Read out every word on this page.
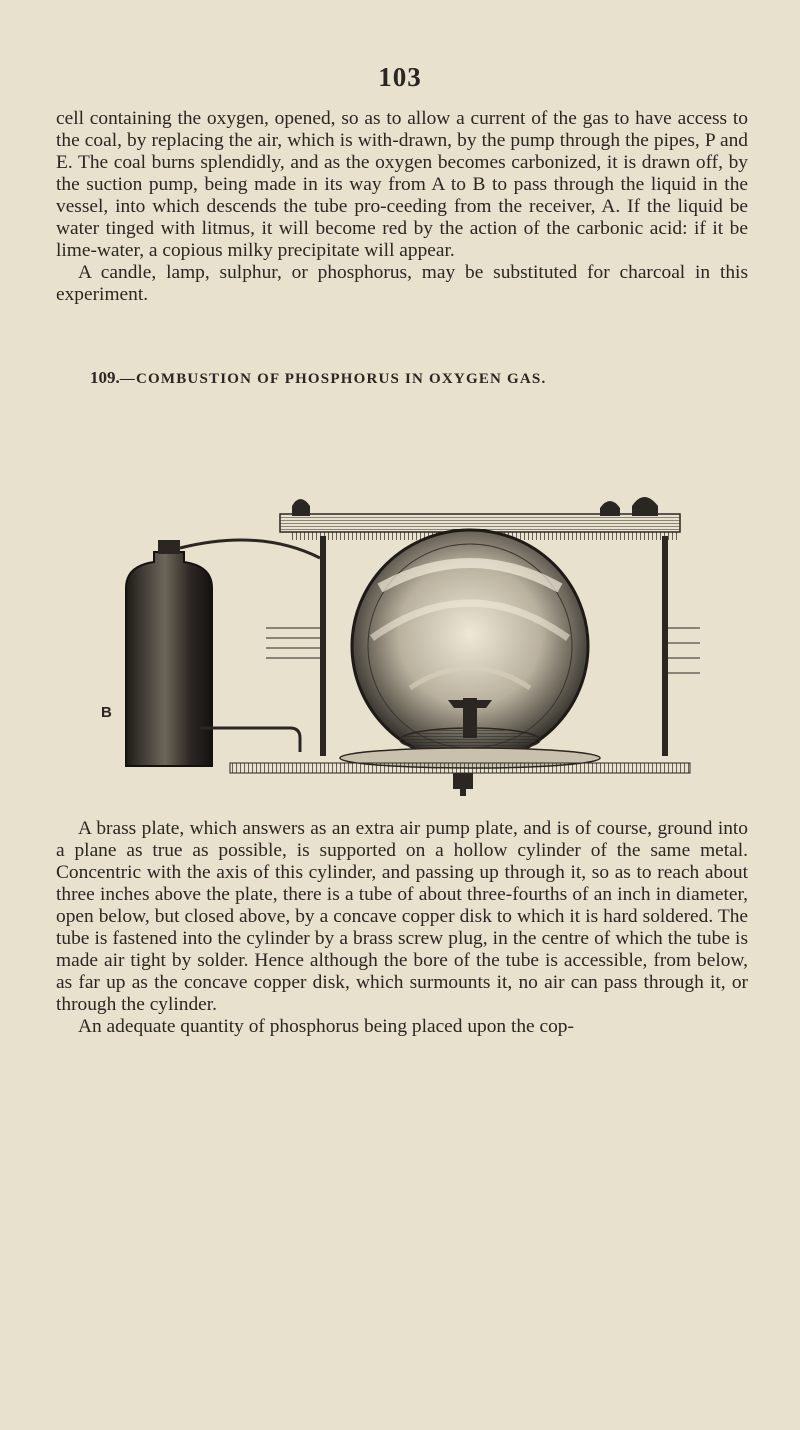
103

cell containing the oxygen, opened, so as to allow a current of the gas to have access to the coal, by replacing the air, which is with-drawn, by the pump through the pipes, P and E. The coal burns splendidly, and as the oxygen becomes carbonized, it is drawn off, by the suction pump, being made in its way from A to B to pass through the liquid in the vessel, into which descends the tube pro-ceeding from the receiver, A. If the liquid be water tinged with litmus, it will become red by the action of the carbonic acid: if it be lime-water, a copious milky precipitate will appear.

A candle, lamp, sulphur, or phosphorus, may be substituted for charcoal in this experiment.

109.—COMBUSTION OF PHOSPHORUS IN OXYGEN GAS.
B

A brass plate, which answers as an extra air pump plate, and is of course, ground into a plane as true as possible, is supported on a hollow cylinder of the same metal. Concentric with the axis of this cylinder, and passing up through it, so as to reach about three inches above the plate, there is a tube of about three-fourths of an inch in diameter, open below, but closed above, by a concave copper disk to which it is hard soldered. The tube is fastened into the cylinder by a brass screw plug, in the centre of which the tube is made air tight by solder. Hence although the bore of the tube is accessible, from below, as far up as the concave copper disk, which surmounts it, no air can pass through it, or through the cylinder.

An adequate quantity of phosphorus being placed upon the cop-
